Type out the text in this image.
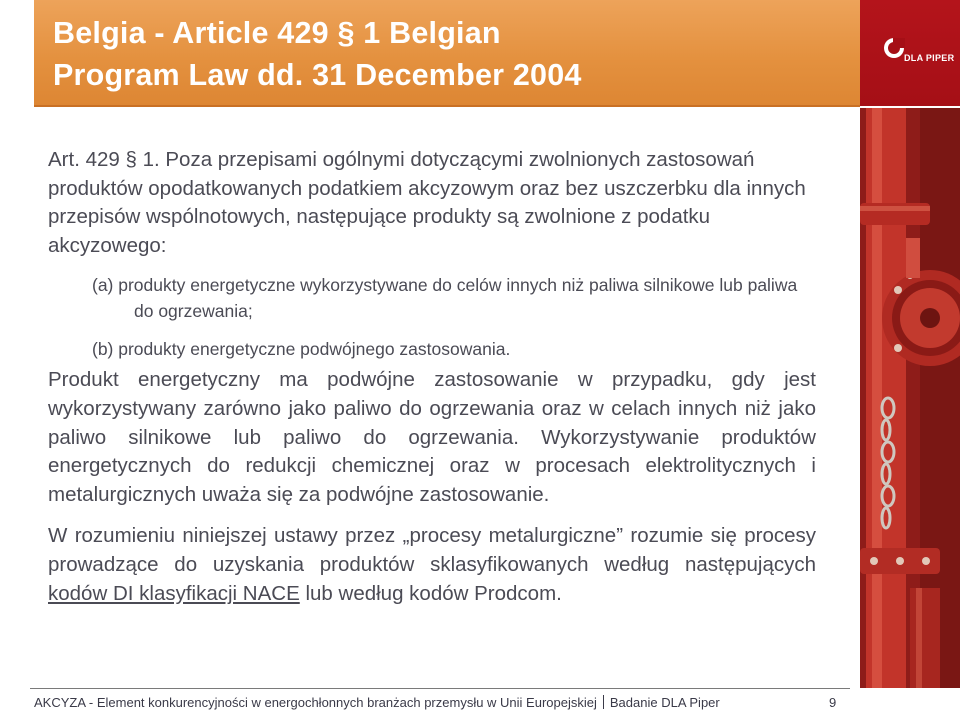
Belgia - Article 429 § 1 Belgian
Program Law dd. 31 December 2004	DLA PIPER

Art. 429 § 1. Poza przepisami ogólnymi dotyczącymi zwolnionych zastosowań produktów opodatkowanych podatkiem akcyzowym oraz bez uszczerbku dla innych przepisów wspólnotowych, następujące produkty są zwolnione z podatku akcyzowego:

(a) produkty energetyczne wykorzystywane do celów innych niż paliwa silnikowe lub paliwa do ogrzewania;

(b) produkty energetyczne podwójnego zastosowania.

Produkt energetyczny ma podwójne zastosowanie w przypadku, gdy jest wykorzystywany zarówno jako paliwo do ogrzewania oraz w celach innych niż jako paliwo silnikowe lub paliwo do ogrzewania. Wykorzystywanie produktów energetycznych do redukcji chemicznej oraz w procesach elektrolitycznych i metalurgicznych uważa się za podwójne zastosowanie.

W rozumieniu niniejszej ustawy przez „procesy metalurgiczne” rozumie się procesy prowadzące do uzyskania produktów sklasyfikowanych według następujących kodów DI klasyfikacji NACE lub według kodów Prodcom.

AKCYZA - Element konkurencyjności w energochłonnych branżach przemysłu w Unii Europejskiej Badanie DLA Piper	9
